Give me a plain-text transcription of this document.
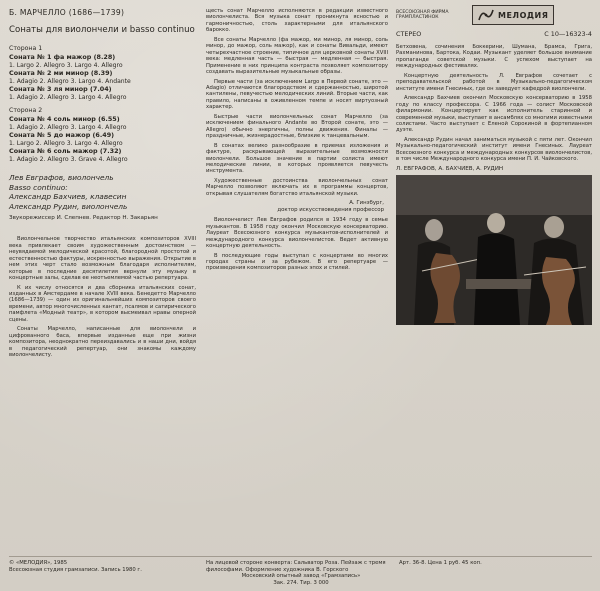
Б. МАРЧЕЛЛО (1686—1739)
Сонаты для виолончели и basso continuo
Сторона 1
Соната № 1 фа мажор (8.28)
1. Largo 2. Allegro 3. Largo 4. Allegro
Соната № 2 ми минор (8.39)
1. Adagio 2. Allegro 3. Largo 4. Andante
Соната № 3 ля минор (7.04)
1. Adagio 2. Allegro 3. Largo 4. Allegro
Сторона 2
Соната № 4 соль минор (6.55)
1. Adagio 2. Allegro 3. Largo 4. Allegro
Соната № 5 до мажор (6.49)
1. Largo 2. Allegro 3. Largo 4. Allegro
Соната № 6 соль мажор (7.32)
1. Adagio 2. Allegro 3. Grave 4. Allegro
Лев Евграфов, виолончель
Basso continuo:
Александр Бахчиев, клавесин
Александр Рудин, виолончель
Звукорежиссер И. Слепнев. Редактор Н. Закарьян

Виолончельное творчество итальянских композиторов XVIII века привлекает своим художественным достоинством — неувядаемой мелодической красотой, благородной простотой и естественностью фактуры, искренностью выражения. Открытие в нем этих черт стало возможным благодаря исполнителям, которые в последние десятилетия вернули эту музыку в концертные залы, сделав ее неотъемлемой частью репертуара.

К их числу относятся и два сборника итальянских сонат, изданных в Амстердаме в начале XVIII века. Бенедетто Марчелло (1686—1739) — один из оригинальнейших композиторов своего времени, автор многочисленных кантат, псалмов и сатирического памфлета «Модный театр», в котором высмеивал нравы оперной сцены.

Сонаты Марчелло, написанные для виолончели и цифрованного баса, впервые изданные еще при жизни композитора, неоднократно переиздавались и в наши дни, войдя в педагогический репертуар, они знакомы каждому виолончелисту.

щесть сонат Марчелло исполняются в редакции известного виолончелиста. Вся музыка сонат проникнута ясностью и гармоничностью, столь характерными для итальянского барокко.

Все сонаты Марчелло (фа мажор, ми минор, ля минор, соль минор, до мажор, соль мажор), как и сонаты Вивальди, имеют четырехчастное строение, типичное для церковной сонаты XVIII века: медленная часть — быстрая — медленная — быстрая. Применение в них принципа контраста позволяет композитору создавать выразительные музыкальные образы.

Первые части (за исключением Largo в Первой сонате, это — Adagio) отличаются благородством и сдержанностью, широтой кантилены, певучестью мелодических линий. Вторые части, как правило, написаны в оживленном темпе и носят виртуозный характер.

Быстрые части виолончельных сонат Марчелло (за исключением финального Andante во Второй сонате, это — Allegro) обычно энергичны, полны движения. Финалы — праздничные, жизнерадостные, близкие к танцевальным.

В сонатах велико разнообразие в приемах изложения и фактуре, раскрывающей выразительные возможности виолончели. Большое значение в партии солиста имеют мелодические линии, в которых проявляется певучесть инструмента.

Художественные достоинства виолончельных сонат Марчелло позволяют включать их в программы концертов, открывая слушателям богатство итальянской музыки.

А. Гинзбург,
доктор искусствоведения профессор

Виолончелист Лев Евграфов родился в 1934 году в семье музыкантов. В 1958 году окончил Московскую консерваторию. Лауреат Всесоюзного конкурса музыкантов-исполнителей и международного конкурса виолончелистов. Ведет активную концертную деятельность.

В последующие годы выступал с концертами во многих городах страны и за рубежом. В его репертуаре — произведения композиторов разных эпох и стилей.

ВСЕСОЮЗНАЯ ФИРМА ГРАМПЛАСТИНОК	МЕЛОДИЯ
СТЕРЕО	С 10—16323-4

Бетховена, сочинения Боккерини, Шумана, Брамса, Грига, Рахманинова, Бартока, Кодаи. Музыкант уделяет большое внимание пропаганде советской музыки. С успехом выступает на международных фестивалях.

Концертную деятельность Л. Евграфов сочетает с преподавательской работой в Музыкально-педагогическом институте имени Гнесиных, где он заведует кафедрой виолончели.

Александр Бахчиев окончил Московскую консерваторию в 1958 году по классу профессора. С 1966 года — солист Московской филармонии. Концертирует как исполнитель старинной и современной музыки, выступает в ансамблях со многими известными солистами. Часто выступает с Еленой Сорокиной в фортепианном дуэте.

Александр Рудин начал заниматься музыкой с пяти лет. Окончил Музыкально-педагогический институт имени Гнесиных. Лауреат Всесоюзного конкурса и международных конкурсов виолончелистов, в том числе Международного конкурса имени П. И. Чайковского.

Л. ЕВГРАФОВ, А. БАХЧИЕВ, А. РУДИН
© «МЕЛОДИЯ», 1985
Всесоюзная студия грамзаписи. Запись 1980 г.
На лицевой стороне конверта: Сальватор Роза. Пейзаж с тремя философами. Оформление художника В. Горского
Московский опытный завод «Грамзапись»
Зак. 274. Тир. 3 000
Арт. 36-8. Цена 1 руб. 45 коп.
